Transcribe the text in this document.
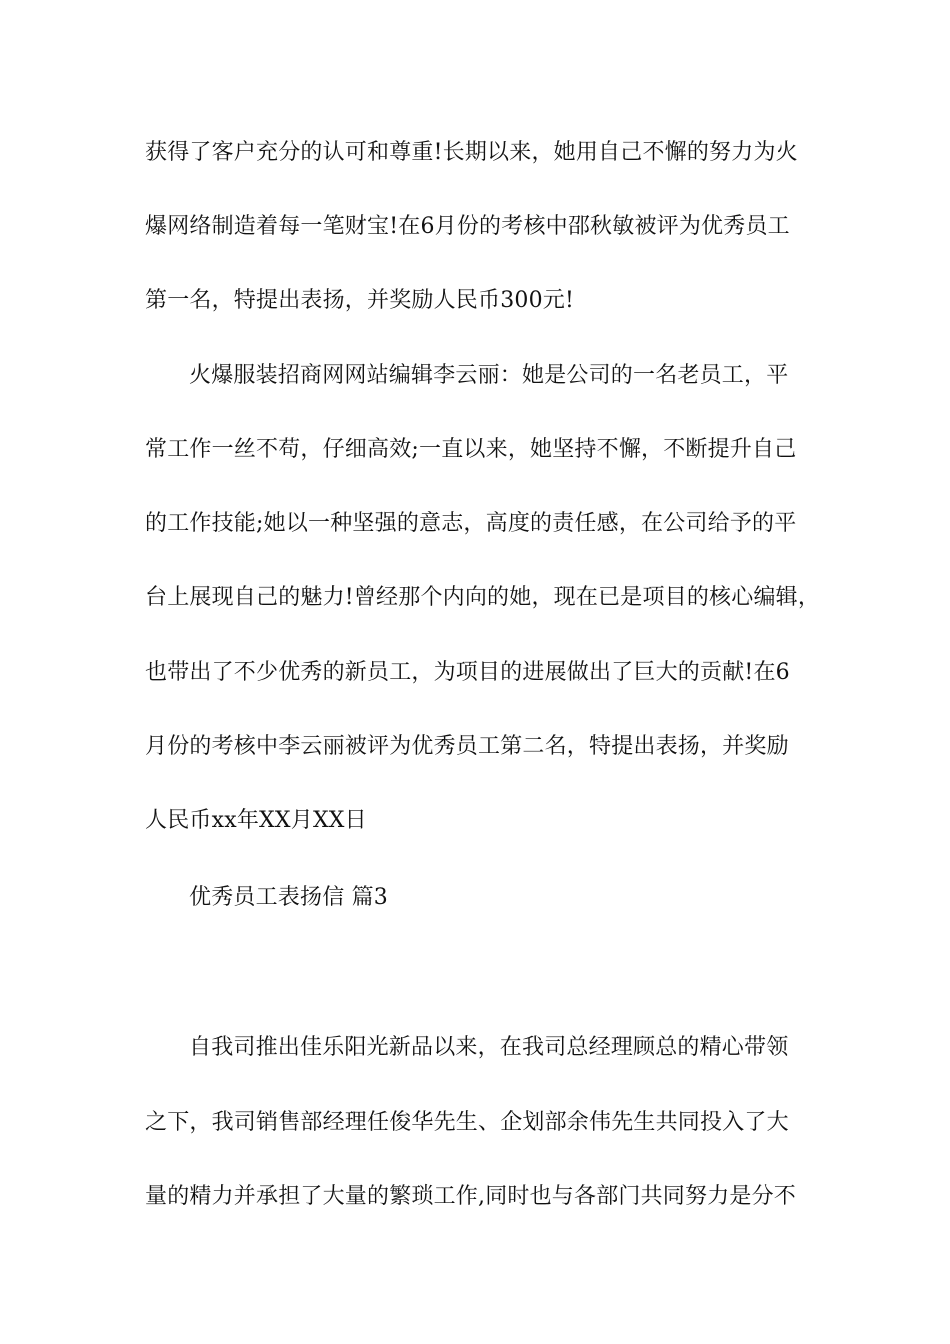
获得了客户充分的认可和尊重!长期以来，她用自己不懈的努力为火
爆网络制造着每一笔财宝!在6月份的考核中邵秋敏被评为优秀员工
第一名，特提出表扬，并奖励人民币300元!
火爆服装招商网网站编辑李云丽：她是公司的一名老员工，平
常工作一丝不苟，仔细高效;一直以来，她坚持不懈，不断提升自己
的工作技能;她以一种坚强的意志，高度的责任感，在公司给予的平
台上展现自己的魅力!曾经那个内向的她，现在已是项目的核心编辑，
也带出了不少优秀的新员工，为项目的进展做出了巨大的贡献!在6
月份的考核中李云丽被评为优秀员工第二名，特提出表扬，并奖励
人民币xx年XX月XX日
优秀员工表扬信 篇3
自我司推出佳乐阳光新品以来，在我司总经理顾总的精心带领
之下，我司销售部经理任俊华先生、企划部余伟先生共同投入了大
量的精力并承担了大量的繁琐工作,同时也与各部门共同努力是分不
